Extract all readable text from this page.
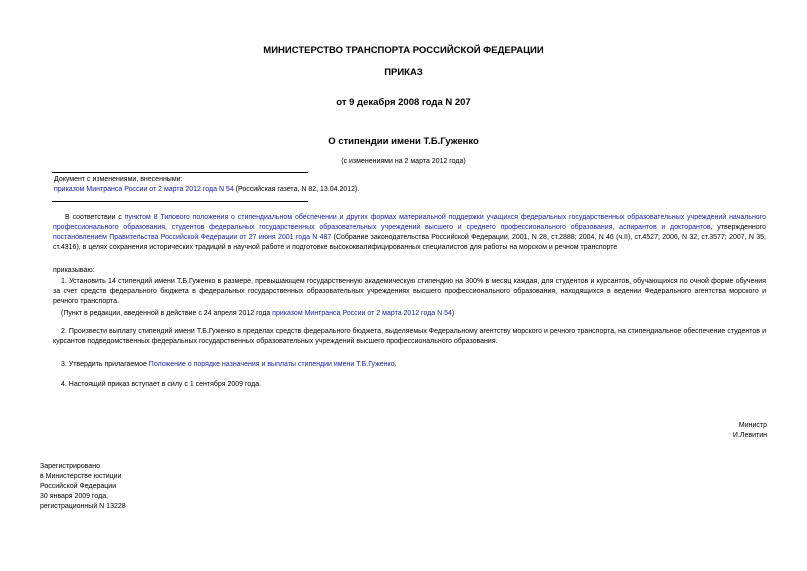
МИНИСТЕРСТВО ТРАНСПОРТА РОССИЙСКОЙ ФЕДЕРАЦИИ
ПРИКАЗ
от 9 декабря 2008 года N 207
О стипендии имени Т.Б.Гуженко
(с изменениями на 2 марта 2012 года)
Документ с изменениями, внесенными:
приказом Минтранса России от 2 марта 2012 года N 54 (Российская газета, N 82, 13.04.2012).
В соответствии с пунктом 8 Типового положения о стипендиальном обеспечении и других формах материальной поддержки учащихся федеральных государственных образовательных учреждений начального профессионального образования, студентов федеральных государственных образовательных учреждений высшего и среднего профессионального образования, аспирантов и докторантов, утвержденного постановлением Правительства Российской Федерации от 27 июня 2001 года N 487 (Собрание законодательства Российской Федерации, 2001, N 28, ст.2888; 2004, N 46 (ч.II), ст.4527; 2006, N 32, ст.3577; 2007, N 35, ст.4316), в целях сохранения исторических традиций в научной работе и подготовке высококвалифицированных специалистов для работы на морском и речном транспорте
приказываю:
1. Установить 14 стипендий имени Т.Б.Гуженко в размере, превышающем государственную академическую стипендию на 300% в месяц каждая, для студентов и курсантов, обучающихся по очной форме обучения за счет средств федерального бюджета в федеральных государственных образовательных учреждениях высшего профессионального образования, находящихся в ведении Федерального агентства морского и речного транспорта.
(Пункт в редакции, введенной в действие с 24 апреля 2012 года приказом Минтранса России от 2 марта 2012 года N 54)
2. Произвести выплату стипендий имени Т.Б.Гуженко в пределах средств федерального бюджета, выделяемых Федеральному агентству морского и речного транспорта, на стипендиальное обеспечение студентов и курсантов подведомственных федеральных государственных образовательных учреждений высшего профессионального образования.
3. Утвердить прилагаемое Положение о порядке назначения и выплаты стипендии имени Т.Б.Гуженко.
4. Настоящий приказ вступает в силу с 1 сентября 2009 года.
Министр
И.Левитин
Зарегистрировано
в Министерстве юстиции
Российской Федерации
30 января 2009 года,
регистрационный N 13228
